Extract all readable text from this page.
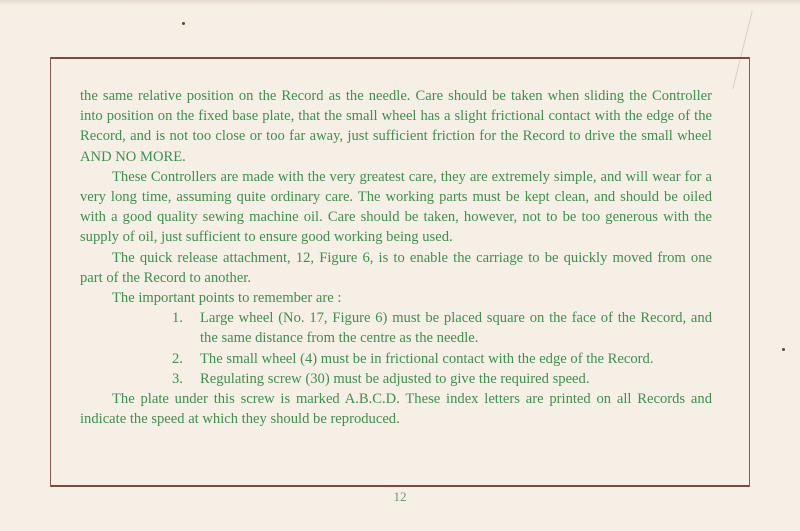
the same relative position on the Record as the needle. Care should be taken when sliding the Controller into position on the fixed base plate, that the small wheel has a slight frictional contact with the edge of the Record, and is not too close or too far away, just sufficient friction for the Record to drive the small wheel AND NO MORE.

These Controllers are made with the very greatest care, they are extremely simple, and will wear for a very long time, assuming quite ordinary care. The working parts must be kept clean, and should be oiled with a good quality sewing machine oil. Care should be taken, however, not to be too generous with the supply of oil, just sufficient to ensure good working being used.

The quick release attachment, 12, Figure 6, is to enable the carriage to be quickly moved from one part of the Record to another.

The important points to remember are :

1.	Large wheel (No. 17, Figure 6) must be placed square on the face of the Record, and the same distance from the centre as the needle.
2.	The small wheel (4) must be in frictional contact with the edge of the Record.
3.	Regulating screw (30) must be adjusted to give the required speed.

The plate under this screw is marked A.B.C.D. These index letters are printed on all Records and indicate the speed at which they should be reproduced.

12
